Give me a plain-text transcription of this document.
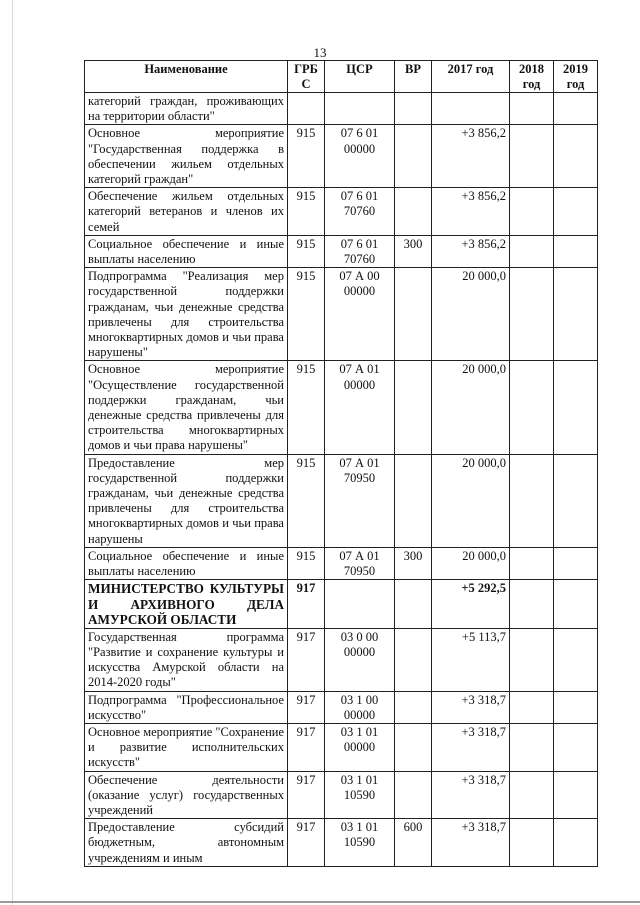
13
Наименование	ГРБ С	ЦСР	ВР	2017 год	2018 год	2019 год
категорий граждан, проживающих на территории области"						
Основное мероприятие "Государственная поддержка в обеспечении жильем отдельных категорий граждан"	915	07 6 01 00000		+3 856,2		
Обеспечение жильем отдельных категорий ветеранов и членов их семей	915	07 6 01 70760		+3 856,2		
Социальное обеспечение и иные выплаты населению	915	07 6 01 70760	300	+3 856,2		
Подпрограмма "Реализация мер государственной поддержки гражданам, чьи денежные средства привлечены для строительства многоквартирных домов и чьи права нарушены"	915	07 А 00 00000		20 000,0		
Основное мероприятие "Осуществление государственной поддержки гражданам, чьи денежные средства привлечены для строительства многоквартирных домов и чьи права нарушены"	915	07 А 01 00000		20 000,0		
Предоставление мер государственной поддержки гражданам, чьи денежные средства привлечены для строительства многоквартирных домов и чьи права нарушены	915	07 А 01 70950		20 000,0		
Социальное обеспечение и иные выплаты населению	915	07 А 01 70950	300	20 000,0		
МИНИСТЕРСТВО КУЛЬТУРЫ И АРХИВНОГО ДЕЛА АМУРСКОЙ ОБЛАСТИ	917			+5 292,5		
Государственная программа "Развитие и сохранение культуры и искусства Амурской области на 2014-2020 годы"	917	03 0 00 00000		+5 113,7		
Подпрограмма "Профессиональное искусство"	917	03 1 00 00000		+3 318,7		
Основное мероприятие "Сохранение и развитие исполнительских искусств"	917	03 1 01 00000		+3 318,7		
Обеспечение деятельности (оказание услуг) государственных учреждений	917	03 1 01 10590		+3 318,7		
Предоставление субсидий бюджетным, автономным учреждениям и иным	917	03 1 01 10590	600	+3 318,7		
